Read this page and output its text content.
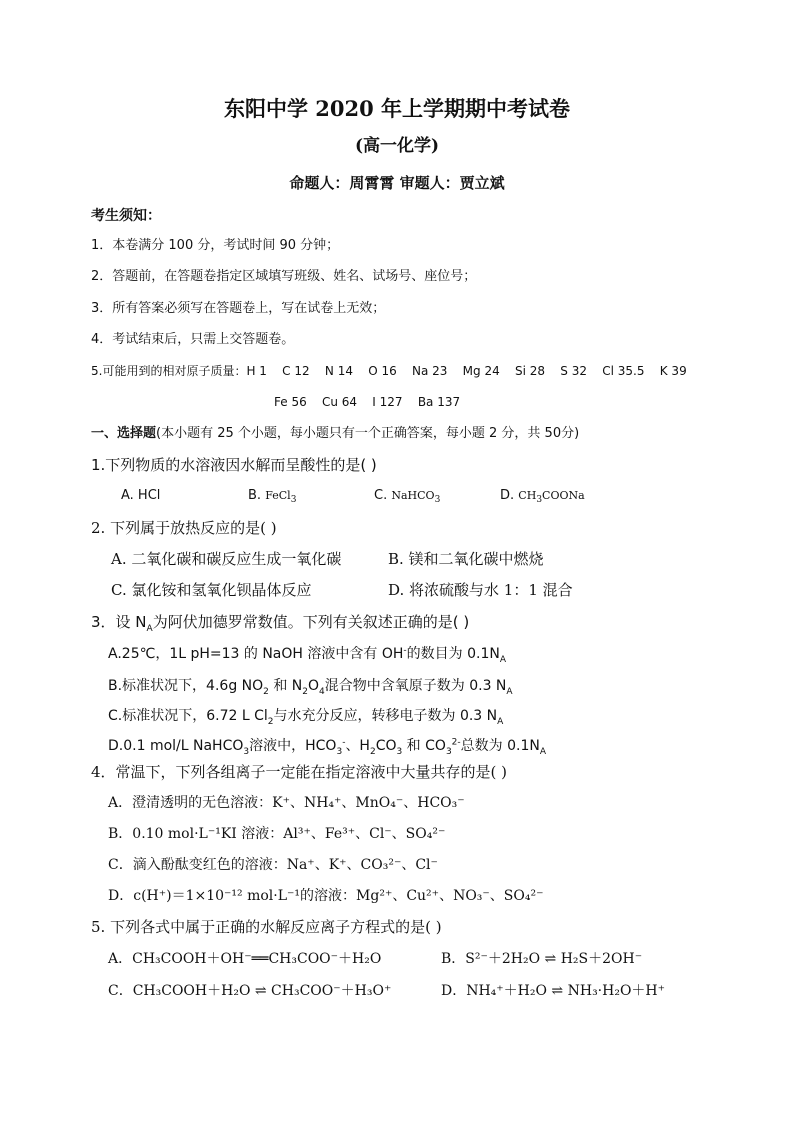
东阳中学 2020 年上学期期中考试卷
(高一化学)
命题人：周霄霄 审题人：贾立斌
考生须知：
1．本卷满分 100 分，考试时间 90 分钟；
2．答题前，在答题卷指定区域填写班级、姓名、试场号、座位号；
3．所有答案必须写在答题卷上，写在试卷上无效；
4．考试结束后，只需上交答题卷。
5.可能用到的相对原子质量：H 1    C 12    N 14    O 16    Na 23    Mg 24    Si 28    S 32    Cl 35.5    K 39
Fe 56    Cu 64    I 127    Ba 137
一、选择题(本小题有 25 个小题，每小题只有一个正确答案，每小题 2 分，共 50分)
1.下列物质的水溶液因水解而呈酸性的是( )
A. HCl	B. FeCl$_3$	C. NaHCO$_3$	D. $CH_3COONa$
2. 下列属于放热反应的是( )
A. 二氧化碳和碳反应生成一氧化碳	B. 镁和二氧化碳中燃烧
C. 氯化铵和氢氧化钡晶体反应	D. 将浓硫酸与水 1：1 混合
3．设 $N_A$为阿伏加德罗常数值。下列有关叙述正确的是( )
A.25℃，1L pH=13 的 NaOH 溶液中含有 OH-的数目为 $0.1N_A$
B.标准状况下，4.6g $NO_2$ 和 $N_2O_4$混合物中含氧原子数为 0.3 $N_A$
C.标准状况下，6.72 L $Cl_2$与水充分反应，转移电子数为 0.3 $N_A$
D.0.1 mol/L NaHCO$_3$溶液中，$HCO_3^-$、$H_2CO_3$ 和 $CO_3^{2-}$总数为 $0.1N_A$
4．常温下，下列各组离子一定能在指定溶液中大量共存的是( )
A．澄清透明的无色溶液：K⁺、NH₄⁺、MnO₄⁻、HCO₃⁻
B．0.10 mol·L⁻¹KI 溶液：Al³⁺、Fe³⁺、Cl⁻、SO₄²⁻
C．滴入酚酞变红色的溶液：Na⁺、K⁺、CO₃²⁻、Cl⁻
D．c(H⁺)＝1×10⁻¹² mol·L⁻¹的溶液：Mg²⁺、Cu²⁺、NO₃⁻、SO₄²⁻
5. 下列各式中属于正确的水解反应离子方程式的是( )
A．CH₃COOH＋OH⁻══CH₃COO⁻＋H₂O	B．S²⁻＋2H₂O ⇌ H₂S＋2OH⁻
C．CH₃COOH＋H₂O ⇌ CH₃COO⁻＋H₃O⁺	D．NH₄⁺＋H₂O ⇌ NH₃·H₂O＋H⁺
